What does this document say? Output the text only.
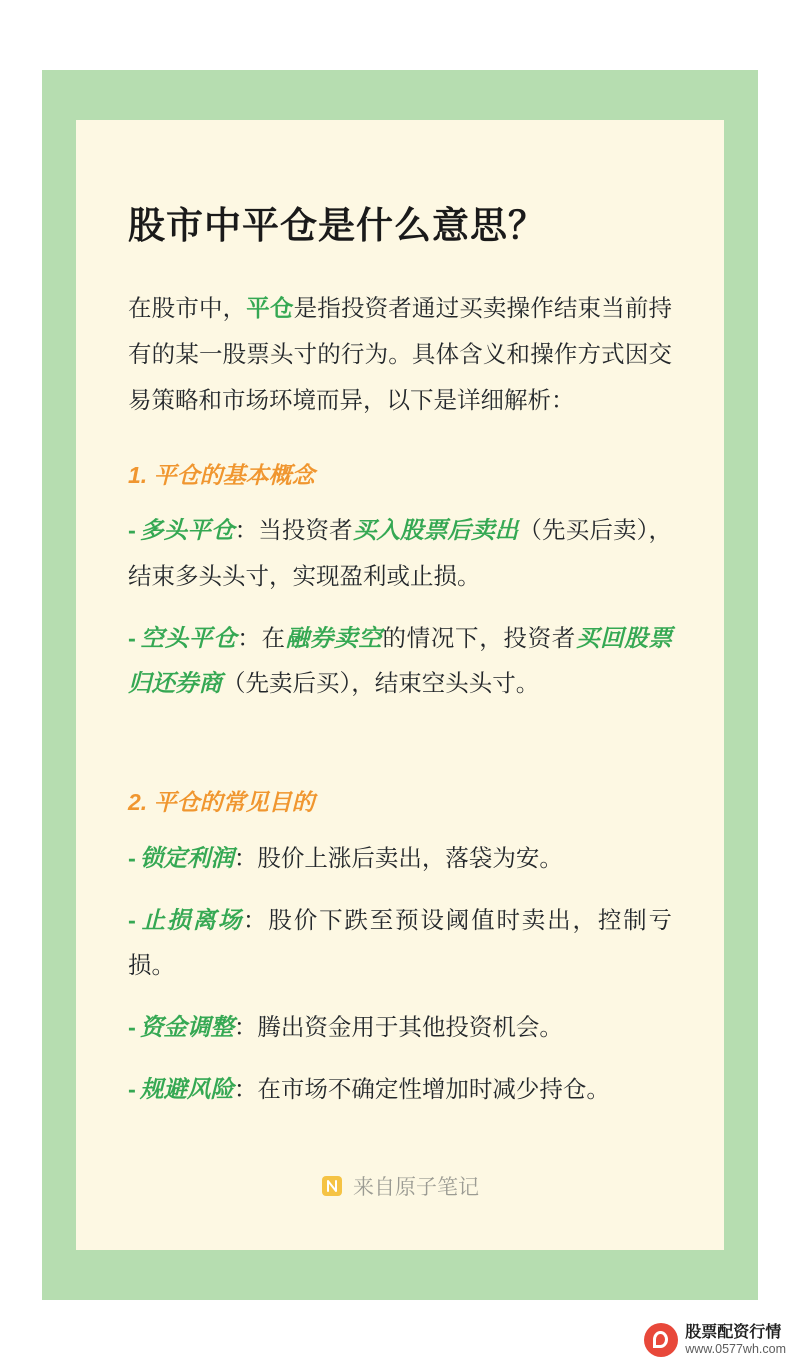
股市中平仓是什么意思？

在股市中，平仓是指投资者通过买卖操作结束当前持有的某一股票头寸的行为。具体含义和操作方式因交易策略和市场环境而异，以下是详细解析：

1. 平仓的基本概念

- 多头平仓：当投资者买入股票后卖出（先买后卖），结束多头头寸，实现盈利或止损。

- 空头平仓：在融券卖空的情况下，投资者买回股票归还券商（先卖后买），结束空头头寸。

2. 平仓的常见目的

- 锁定利润：股价上涨后卖出，落袋为安。

- 止损离场：股价下跌至预设阈值时卖出，控制亏损。

- 资金调整：腾出资金用于其他投资机会。

- 规避风险：在市场不确定性增加时减少持仓。

来自原子笔记
股票配资行情
www.0577wh.com
